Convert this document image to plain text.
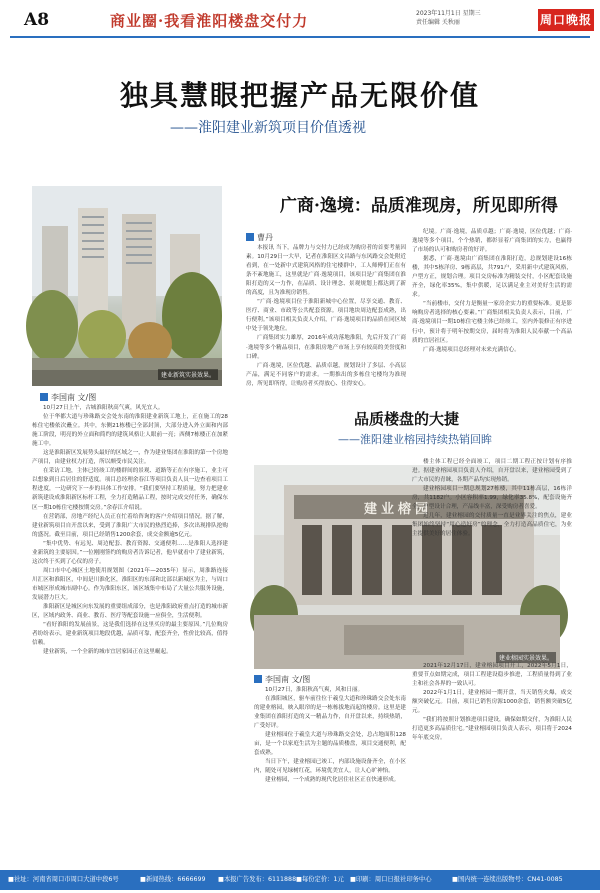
A8	商业圈·我看淮阳楼盘交付力	2023年11月1日 星期三
责任编辑 关秋丽	周口晚报
独具慧眼把握产品无限价值
——淮阳建业新筑项目价值透视
建业新筑实景效果。
李国南 文/图

10月27日上午，古城淮阳秋高气爽，风光宜人。

位于华都大道与珍珠路交会处东南的淮阳建业新筑工地上，正在施工的28栋住宅楼依次矗立。其中，东侧21栋楼已全部封顶，大部分进入外立面和内部施工阶段，明亮的外立面和简约的建筑风格让人眼前一亮；西侧7栋楼正在加紧施工中。

这是淮阳新区发展势头最好的区域之一，作为建业集团在淮阳的第一个房地产项目，由建业权力打造，所以颇受市民关注。

在采访工地，主体已经竣工的楼群间的景观、道路等正在有序施工，业主可以想象到日后居住的舒适度。项目总经理余春江等项目负责人员一边查看项目工程进度，一边研究下一步的具体工作安排。“我们要坚持工程质量，努力把建业新筑建设成淮阳新区标杆工程，全力打造精品工程，按时完成交付任务，确保东区一期10栋住宅楼按期交房。”余春江介绍说。

在营销部，房地产经纪人员正在忙着给咨询的客户介绍项目情况。据了解，建业新筑项目自开盘以来，受到了淮阳广大市民的热烈追捧，多次出现排队抢购的盛况。截至目前，项目已经销售1200余套，成交金额逾5亿元。

“集中优势、有远见、周边配套、教育资源、交通便利……是淮阳人选择建业新筑的主要原因。”一位刚刚签约的购房者告诉记者，他早就看中了建业新筑，这次终于买到了心仪的房子。

周口市中心城区土地使用规划图（2021年—2035年）显示，周淮路连接川汇区和淮阳区，中间是川淮化区，淮阳区的东部和北部以新城区为主，与周口市城区形成城市副中心。作为淮阳东区，该区域集中布局了大量公共服务设施，发展潜力巨大。

淮阳新区是城区向东发展的重要组成部分，也是淮阳政府重点打造的城市新区，区域内政务、商业、教育、医疗等配套设施一应俱全，生活便利。

“看好淮阳的发展前景，这是我们选择在这里买房的最主要原因。”几位购房者纷纷表示，建业新筑项目地段优越，品质可靠，配套齐全，性价比较高，值得信赖。

建业新筑，一个全新的城市宜居家园正在这里崛起。

广商·逸境：品质准现房，所见即所得
曹丹

本报讯 当下，品牌力与交付力已经成为购房者的首要考量因素。10月29日一大早，记者在淮阳区文昌路与东风路交会处附近看到，在一处新中式建筑风格的住宅楼群中，工人师傅们正在有条不紊地施工，这里就是广商·逸境项目，该项目是广商集团在淮阳打造的又一力作，在品质、设计理念、景观规划上都达到了新的高度，且为准现房销售。

“广商·逸境项目位于淮阳新城中心位置，尽享交通、教育、医疗、商业、市政等公共配套资源。项目地块周边配套成熟，出行便利。”该项目相关负责人介绍，广商·逸境项目的品质在同区域中处于领先地位。

广商集团实力雄厚，2016年成功落地淮阳，先后开发了广商·逸境等多个精品项目，在淮阳房地产市场上享有较高的美誉度和口碑。

广商·逸境，区位优越、品质卓越，规划设计了多层、小高层产品，满足不同客户的需求。一期推出的多栋住宅楼均为准现房，所见即所得，让购房者买得放心、住得安心。

纪境。广商·逸境，品质卓越；广商·逸境，区位优越；广商·逸境等多个项目，个个热销，都彰显着广商集团的实力，也赢得了市场的认可和购房者的好评。

据悉，广商·逸境由广商集团在淮阳打造，总规划建设16栋楼，其中5栋洋房、9栋高层，共791户，采用新中式建筑风格，户型方正，规划合理。项目交房标准为精装交付，小区配套设施齐全，绿化率35%，集中供暖，足以满足业主对美好生活的需求。

“当前楼市，交付力是衡量一家房企实力的重要标准。更是影响购房者选择的核心要素。”广商集团相关负责人表示，目前，广商·逸境项目一期10栋住宅楼主体已经竣工，室内外装修正有序进行中，预计将于明年按期交房，届时将为淮阳人民奉献一个高品质的宜居社区。

广商·逸境项目总经理对未来充满信心。

品质楼盘的大捷
——淮阳建业榕园持续热销回眸
建业榕园
建业榕园实景效果。

楼主体工程已经全面竣工，项目二期工程正按计划有序推进。据建业榕园项目负责人介绍，自开盘以来，建业榕园受到了广大市民的青睐，各期产品均实现热销。

建业榕园项目一期总规划27栋楼，其中11栋高层，16栋洋房，共1182户。小区容积率1.99，绿化率35.8%，配套设施齐全，户型设计合理，产品线丰富，深受购房者喜爱。

近几年，建业榕园的交付质量一直是业界关注的焦点，建业集团始终坚持“用心造好房”的理念，全力打造高品质住宅，为业主提供美好的居住体验。

李国南 文/图

10月27日，淮阳秋高气爽，风和日丽。

在淮阳城区，驱车前往位于羲皇大道和珍珠路交会处东南的建业榕园，映入眼帘的是一栋栋拔地而起的楼房。这里是建业集团在淮阳打造的又一精品力作，自开盘以来，持续热销，广受好评。

建业榕园位于羲皇大道与珍珠路交会处，总占地面积128亩，是一个以家庭生活为主题的品质楼盘，项目交通便利，配套成熟。

当日下午，建业榕园已竣工，内部设施设备齐全，在小区内，随处可见绿树红花，环境优美宜人，让人心旷神怡。

建业榕园，一个成熟的现代化居住社区正在快速形成。

2021年12月17日，建业榕园项目开工，2022年5月1日，重要节点如期完成，项目工程建设稳步推进，工程质量得到了业主和社会各界的一致认可。

2022年1月1日，建业榕园一期开盘，当天销售火爆，成交额突破亿元。目前，项目已销售房源1000余套，销售额突破5亿元。

“我们将按照计划推进项目建设，确保如期交付，为淮阳人民打造更多高品质住宅。”建业榕园项目负责人表示，项目将于2024年年底交房。

■社址：河南省周口市周口大道中段6号	■新闻热线：6666699 ■本报广告发布：6111888 ■每份定价：1元 ■印刷：周口日报社印务中心	■国内统一连续出版物号：CN41-0085
